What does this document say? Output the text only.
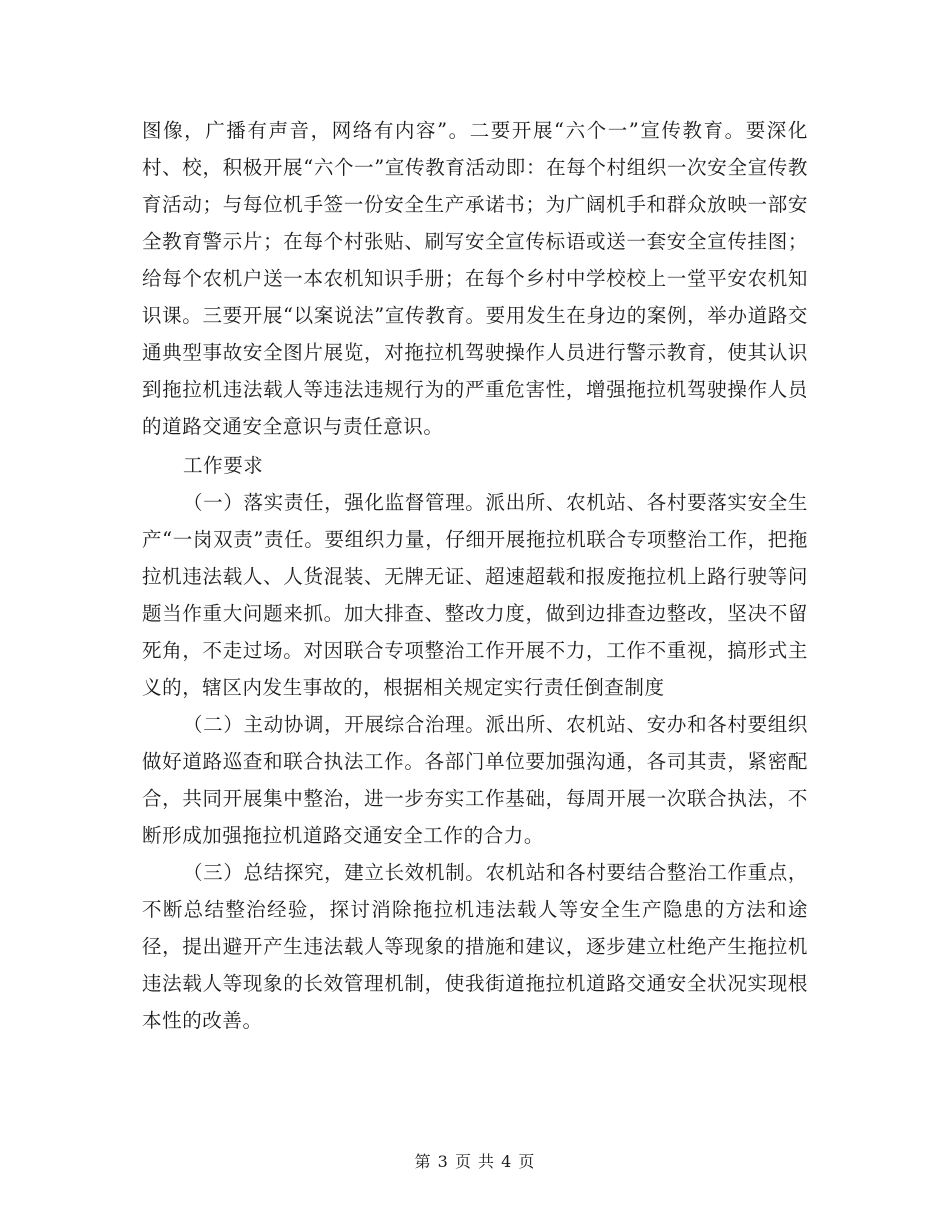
图像，广播有声音，网络有内容”。二要开展“六个一”宣传教育。要深化村、校，积极开展“六个一”宣传教育活动即：在每个村组织一次安全宣传教育活动；与每位机手签一份安全生产承诺书；为广阔机手和群众放映一部安全教育警示片；在每个村张贴、刷写安全宣传标语或送一套安全宣传挂图；给每个农机户送一本农机知识手册；在每个乡村中学校校上一堂平安农机知识课。三要开展“以案说法”宣传教育。要用发生在身边的案例，举办道路交通典型事故安全图片展览，对拖拉机驾驶操作人员进行警示教育，使其认识到拖拉机违法载人等违法违规行为的严重危害性，增强拖拉机驾驶操作人员的道路交通安全意识与责任意识。

工作要求

（一）落实责任，强化监督管理。派出所、农机站、各村要落实安全生产“一岗双责”责任。要组织力量，仔细开展拖拉机联合专项整治工作，把拖拉机违法载人、人货混装、无牌无证、超速超载和报废拖拉机上路行驶等问题当作重大问题来抓。加大排查、整改力度，做到边排查边整改，坚决不留死角，不走过场。对因联合专项整治工作开展不力，工作不重视，搞形式主义的，辖区内发生事故的，根据相关规定实行责任倒查制度

（二）主动协调，开展综合治理。派出所、农机站、安办和各村要组织做好道路巡查和联合执法工作。各部门单位要加强沟通，各司其责，紧密配合，共同开展集中整治，进一步夯实工作基础，每周开展一次联合执法，不断形成加强拖拉机道路交通安全工作的合力。

（三）总结探究，建立长效机制。农机站和各村要结合整治工作重点，不断总结整治经验，探讨消除拖拉机违法载人等安全生产隐患的方法和途径，提出避开产生违法载人等现象的措施和建议，逐步建立杜绝产生拖拉机违法载人等现象的长效管理机制，使我街道拖拉机道路交通安全状况实现根本性的改善。

第 3 页 共 4 页
